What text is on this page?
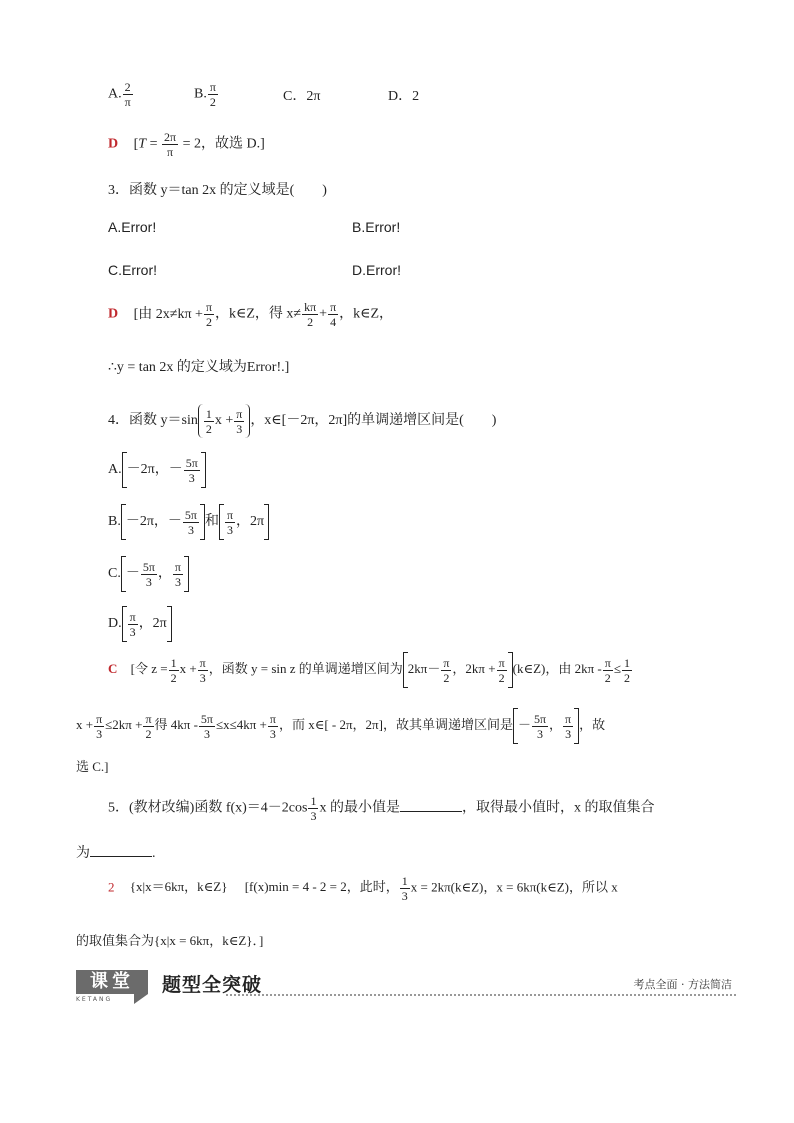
A. $\frac{2}{\pi}$	B. $\frac{\pi}{2}$	C．2π	D．2
D [$T = \frac{2\pi}{\pi} = 2$，故选 D.]
3．函数 y＝tan 2x 的定义域是(　　)
A.Error!	B.Error!
C.Error!	D.Error!
D [由 $2x\ne k\pi + \frac{\pi}{2}$ ，k∈Z，得 $x\ne \frac{k\pi}{2} + \frac{\pi}{4}$ ，k∈Z，
∴y = tan 2x 的定义域为Error!.]
4．函数 $y=\sin \frac{1}{2}$ $x + \frac{\pi}{3}$ ，x∈[－2π，2π]的单调递增区间是(　　)
A. －2π，－ $\frac{5\pi}{3}$
B. －2π，－ $\frac{5\pi}{3}$ 和 $\frac{\pi}{3}$ ，2π
C. － $\frac{5\pi}{3}$ ， $\frac{\pi}{3}$
D. $\frac{\pi}{3}$ ，2π
C [令 $z = \frac{1}{2}$ $x + \frac{\pi}{3}$ ，函数 y = sin z 的单调递增区间为 $2k\pi- \frac{\pi}{2}$ ，$2k\pi + \frac{\pi}{2}$ (k∈Z)，由 $2k\pi - \frac{\pi}{2} \le \frac{1}{2}$
$x + \frac{\pi}{3} \le 2k\pi + \frac{\pi}{2}$ 得 $4k\pi - \frac{5\pi}{3} \le x\le 4k\pi + \frac{\pi}{3}$ ，而 x∈[ - 2π，2π]，故其单调递增区间是 － $\frac{5\pi}{3}$ ， $\frac{\pi}{3}$ ，故
选 C.]
5．(教材改编)函数 $f(x)=4-2\cos \frac{1}{3}$ x 的最小值是	，取得最小值时，x 的取值集合
为	.
2 {x|x＝6kπ，k∈Z} [f(x)min = 4 - 2 = 2，此时， $\frac{1}{3}$ x = 2kπ(k∈Z)，x = 6kπ(k∈Z)，所以 x
的取值集合为{x|x = 6kπ，k∈Z}．]
课堂
KETANG
题型全突破	考点全面 · 方法简洁
